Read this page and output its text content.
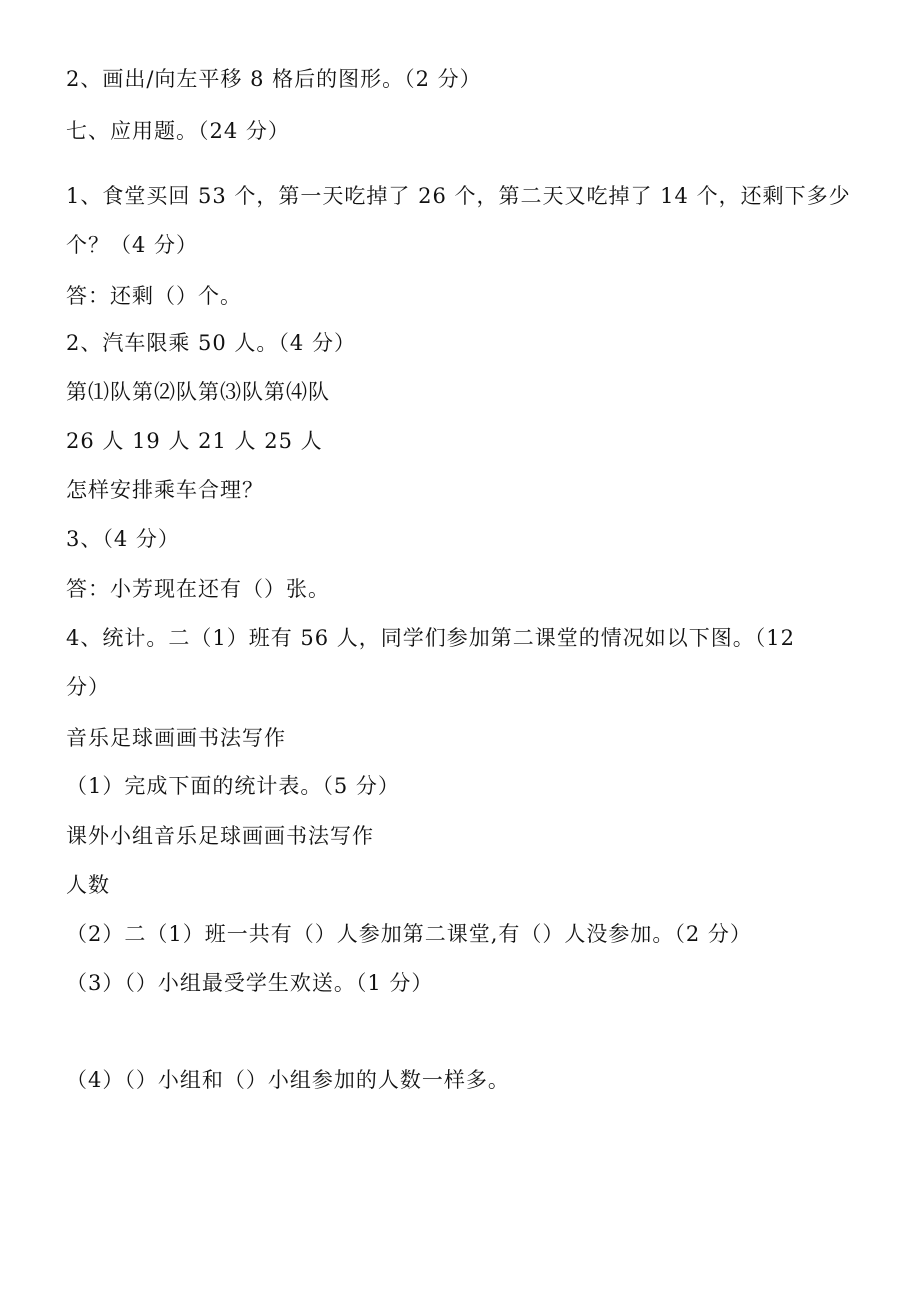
2、画出/向左平移 8 格后的图形。（2 分）
七、应用题。（24 分）
1、食堂买回 53 个，第一天吃掉了 26 个，第二天又吃掉了 14 个，还剩下多少
个？（4 分）
答：还剩（）个。
2、汽车限乘 50 人。（4 分）
第⑴队第⑵队第⑶队第⑷队
26 人 19 人 21 人 25 人
怎样安排乘车合理？
3、（4 分）
答：小芳现在还有（）张。
4、统计。二（1）班有 56 人，同学们参加第二课堂的情况如以下图。（12
分）
音乐足球画画书法写作
（1）完成下面的统计表。（5 分）
课外小组音乐足球画画书法写作
人数
（2）二（1）班一共有（）人参加第二课堂,有（）人没参加。（2 分）
（3）（）小组最受学生欢送。（1 分）
（4）（）小组和（）小组参加的人数一样多。
